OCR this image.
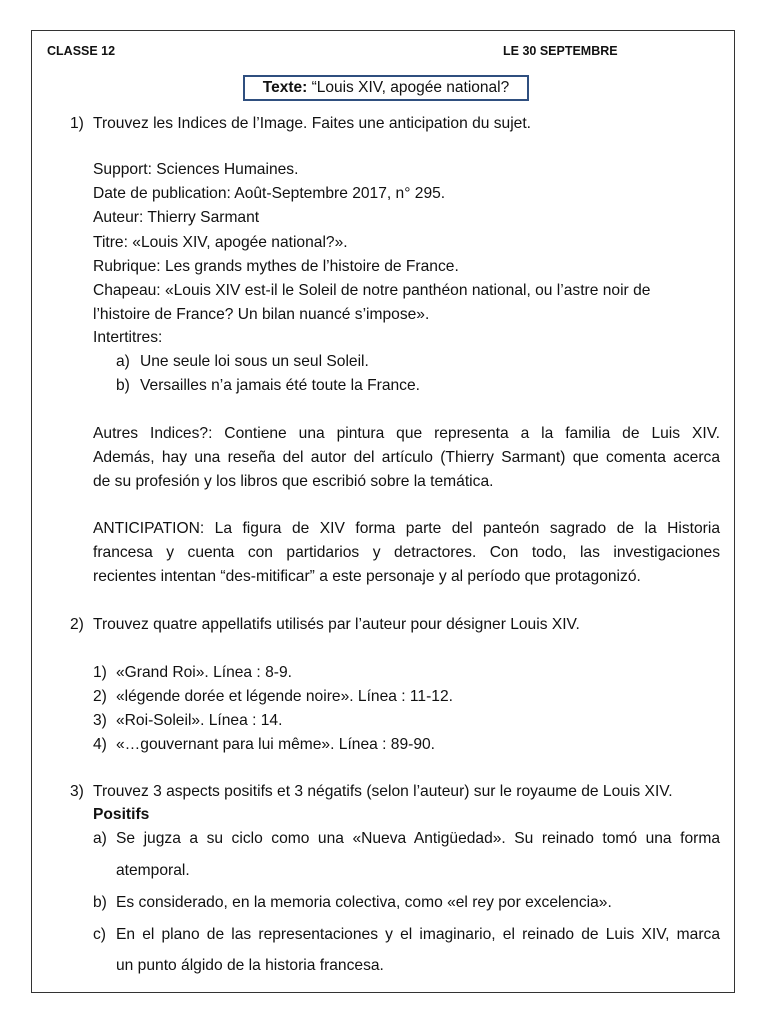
CLASSE 12	LE 30 SEPTEMBRE
Texte: “Louis XIV, apogée national?
1) Trouvez les Indices de l’Image. Faites une anticipation du sujet.
Support: Sciences Humaines.
Date de publication: Août-Septembre 2017, n° 295.
Auteur: Thierry Sarmant
Titre: «Louis XIV, apogée national?».
Rubrique: Les grands mythes de l’histoire de France.
Chapeau: «Louis XIV est-il le Soleil de notre panthéon national, ou l’astre noir de
l’histoire de France? Un bilan nuancé s’impose».
Intertitres:
a) Une seule loi sous un seul Soleil.
b) Versailles n’a jamais été toute la France.
Autres Indices?: Contiene una pintura que representa a la familia de Luis XIV.
Además, hay una reseña del autor del artículo (Thierry Sarmant) que comenta acerca
de su profesión y los libros que escribió sobre la temática.
ANTICIPATION: La figura de XIV forma parte del panteón sagrado de la Historia
francesa y cuenta con partidarios y detractores. Con todo, las investigaciones
recientes intentan “des-mitificar” a este personaje y al período que protagonizó.
2) Trouvez quatre appellatifs utilisés par l’auteur pour désigner Louis XIV.
1) «Grand Roi». Línea : 8-9.
2) «légende dorée et légende noire». Línea : 11-12.
3) «Roi-Soleil». Línea : 14.
4) «…gouvernant para lui même». Línea : 89-90.
3) Trouvez 3 aspects positifs et 3 négatifs (selon l’auteur) sur le royaume de Louis XIV.
Positifs
a) Se jugza a su ciclo como una «Nueva Antigüedad». Su reinado tomó una forma
atemporal.
b) Es considerado, en la memoria colectiva, como «el rey por excelencia».
c) En el plano de las representaciones y el imaginario, el reinado de Luis XIV, marca
un punto álgido de la historia francesa.
